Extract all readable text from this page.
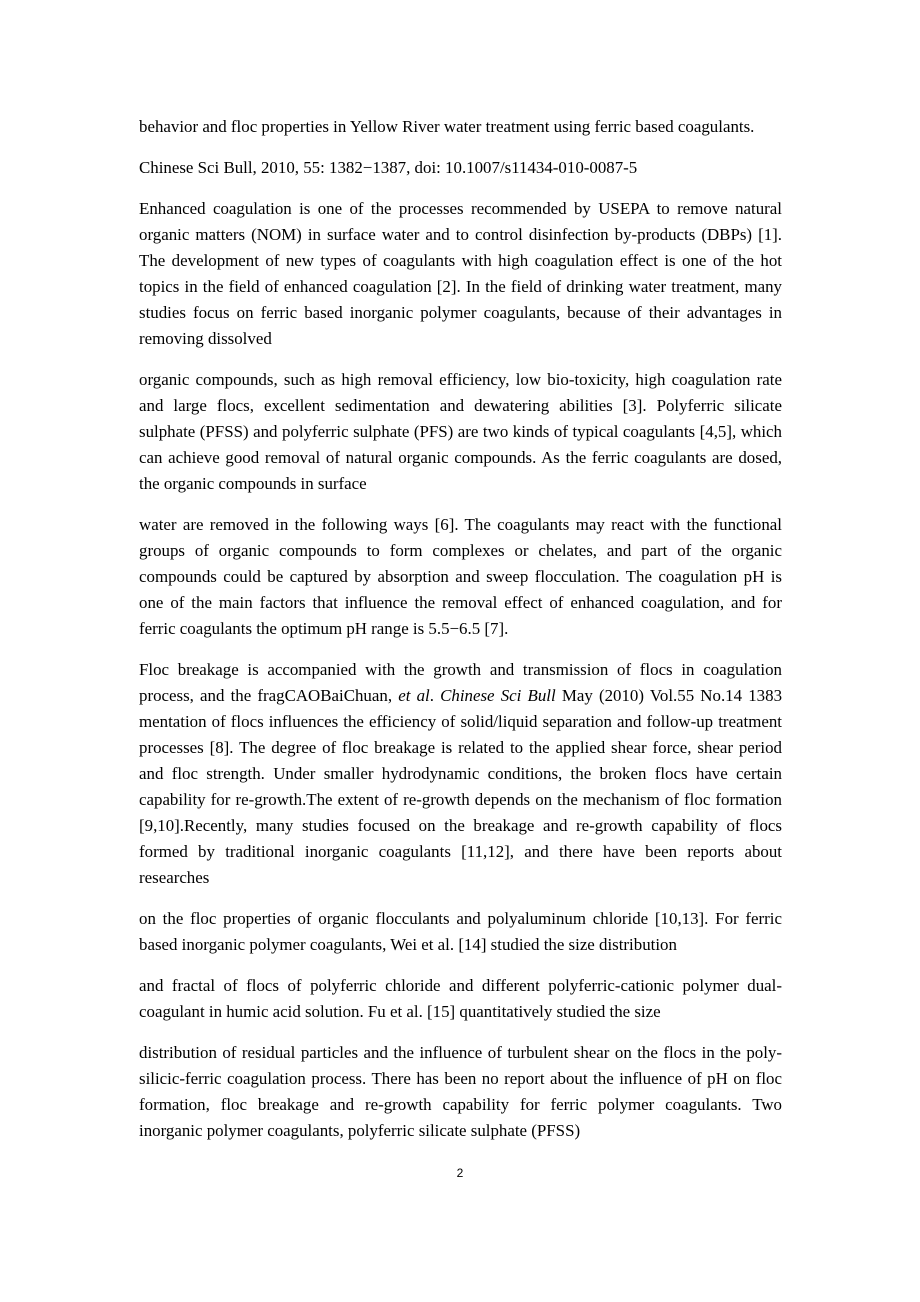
behavior and floc properties in Yellow River water treatment using ferric based coagulants.

Chinese Sci Bull, 2010, 55: 1382−1387, doi: 10.1007/s11434-010-0087-5

Enhanced coagulation is one of the processes recommended by USEPA to remove natural organic matters (NOM) in surface water and to control disinfection by-products (DBPs) [1]. The development of new types of coagulants with high coagulation effect is one of the hot topics in the field of enhanced coagulation [2]. In the field of drinking water treatment, many studies focus on ferric based inorganic polymer coagulants, because of their advantages in removing dissolved

organic compounds, such as high removal efficiency, low bio-toxicity, high coagulation rate and large flocs, excellent sedimentation and dewatering abilities [3]. Polyferric silicate sulphate (PFSS) and polyferric sulphate (PFS) are two kinds of typical coagulants [4,5], which can achieve good removal of natural organic compounds. As the ferric coagulants are dosed, the organic compounds in surface

water are removed in the following ways [6]. The coagulants may react with the functional groups of organic compounds to form complexes or chelates, and part of the organic compounds could be captured by absorption and sweep flocculation. The coagulation pH is one of the main factors that influence the removal effect of enhanced coagulation, and for ferric coagulants the optimum pH range is 5.5−6.5 [7].

Floc breakage is accompanied with the growth and transmission of flocs in coagulation process, and the fragCAOBaiChuan, et al. Chinese Sci Bull May (2010) Vol.55 No.14 1383 mentation of flocs influences the efficiency of solid/liquid separation and follow-up treatment processes [8]. The degree of floc breakage is related to the applied shear force, shear period and floc strength. Under smaller hydrodynamic conditions, the broken flocs have certain capability for re-growth.The extent of re-growth depends on the mechanism of floc formation [9,10].Recently, many studies focused on the breakage and re-growth capability of flocs formed by traditional inorganic coagulants [11,12], and there have been reports about researches

on the floc properties of organic flocculants and polyaluminum chloride [10,13]. For ferric based inorganic polymer coagulants, Wei et al. [14] studied the size distribution

and fractal of flocs of polyferric chloride and different polyferric-cationic polymer dual-coagulant in humic acid solution. Fu et al. [15] quantitatively studied the size

distribution of residual particles and the influence of turbulent shear on the flocs in the poly-silicic-ferric coagulation process. There has been no report about the influence of pH on floc formation, floc breakage and re-growth capability for ferric polymer coagulants. Two inorganic polymer coagulants, polyferric silicate sulphate (PFSS)

2
